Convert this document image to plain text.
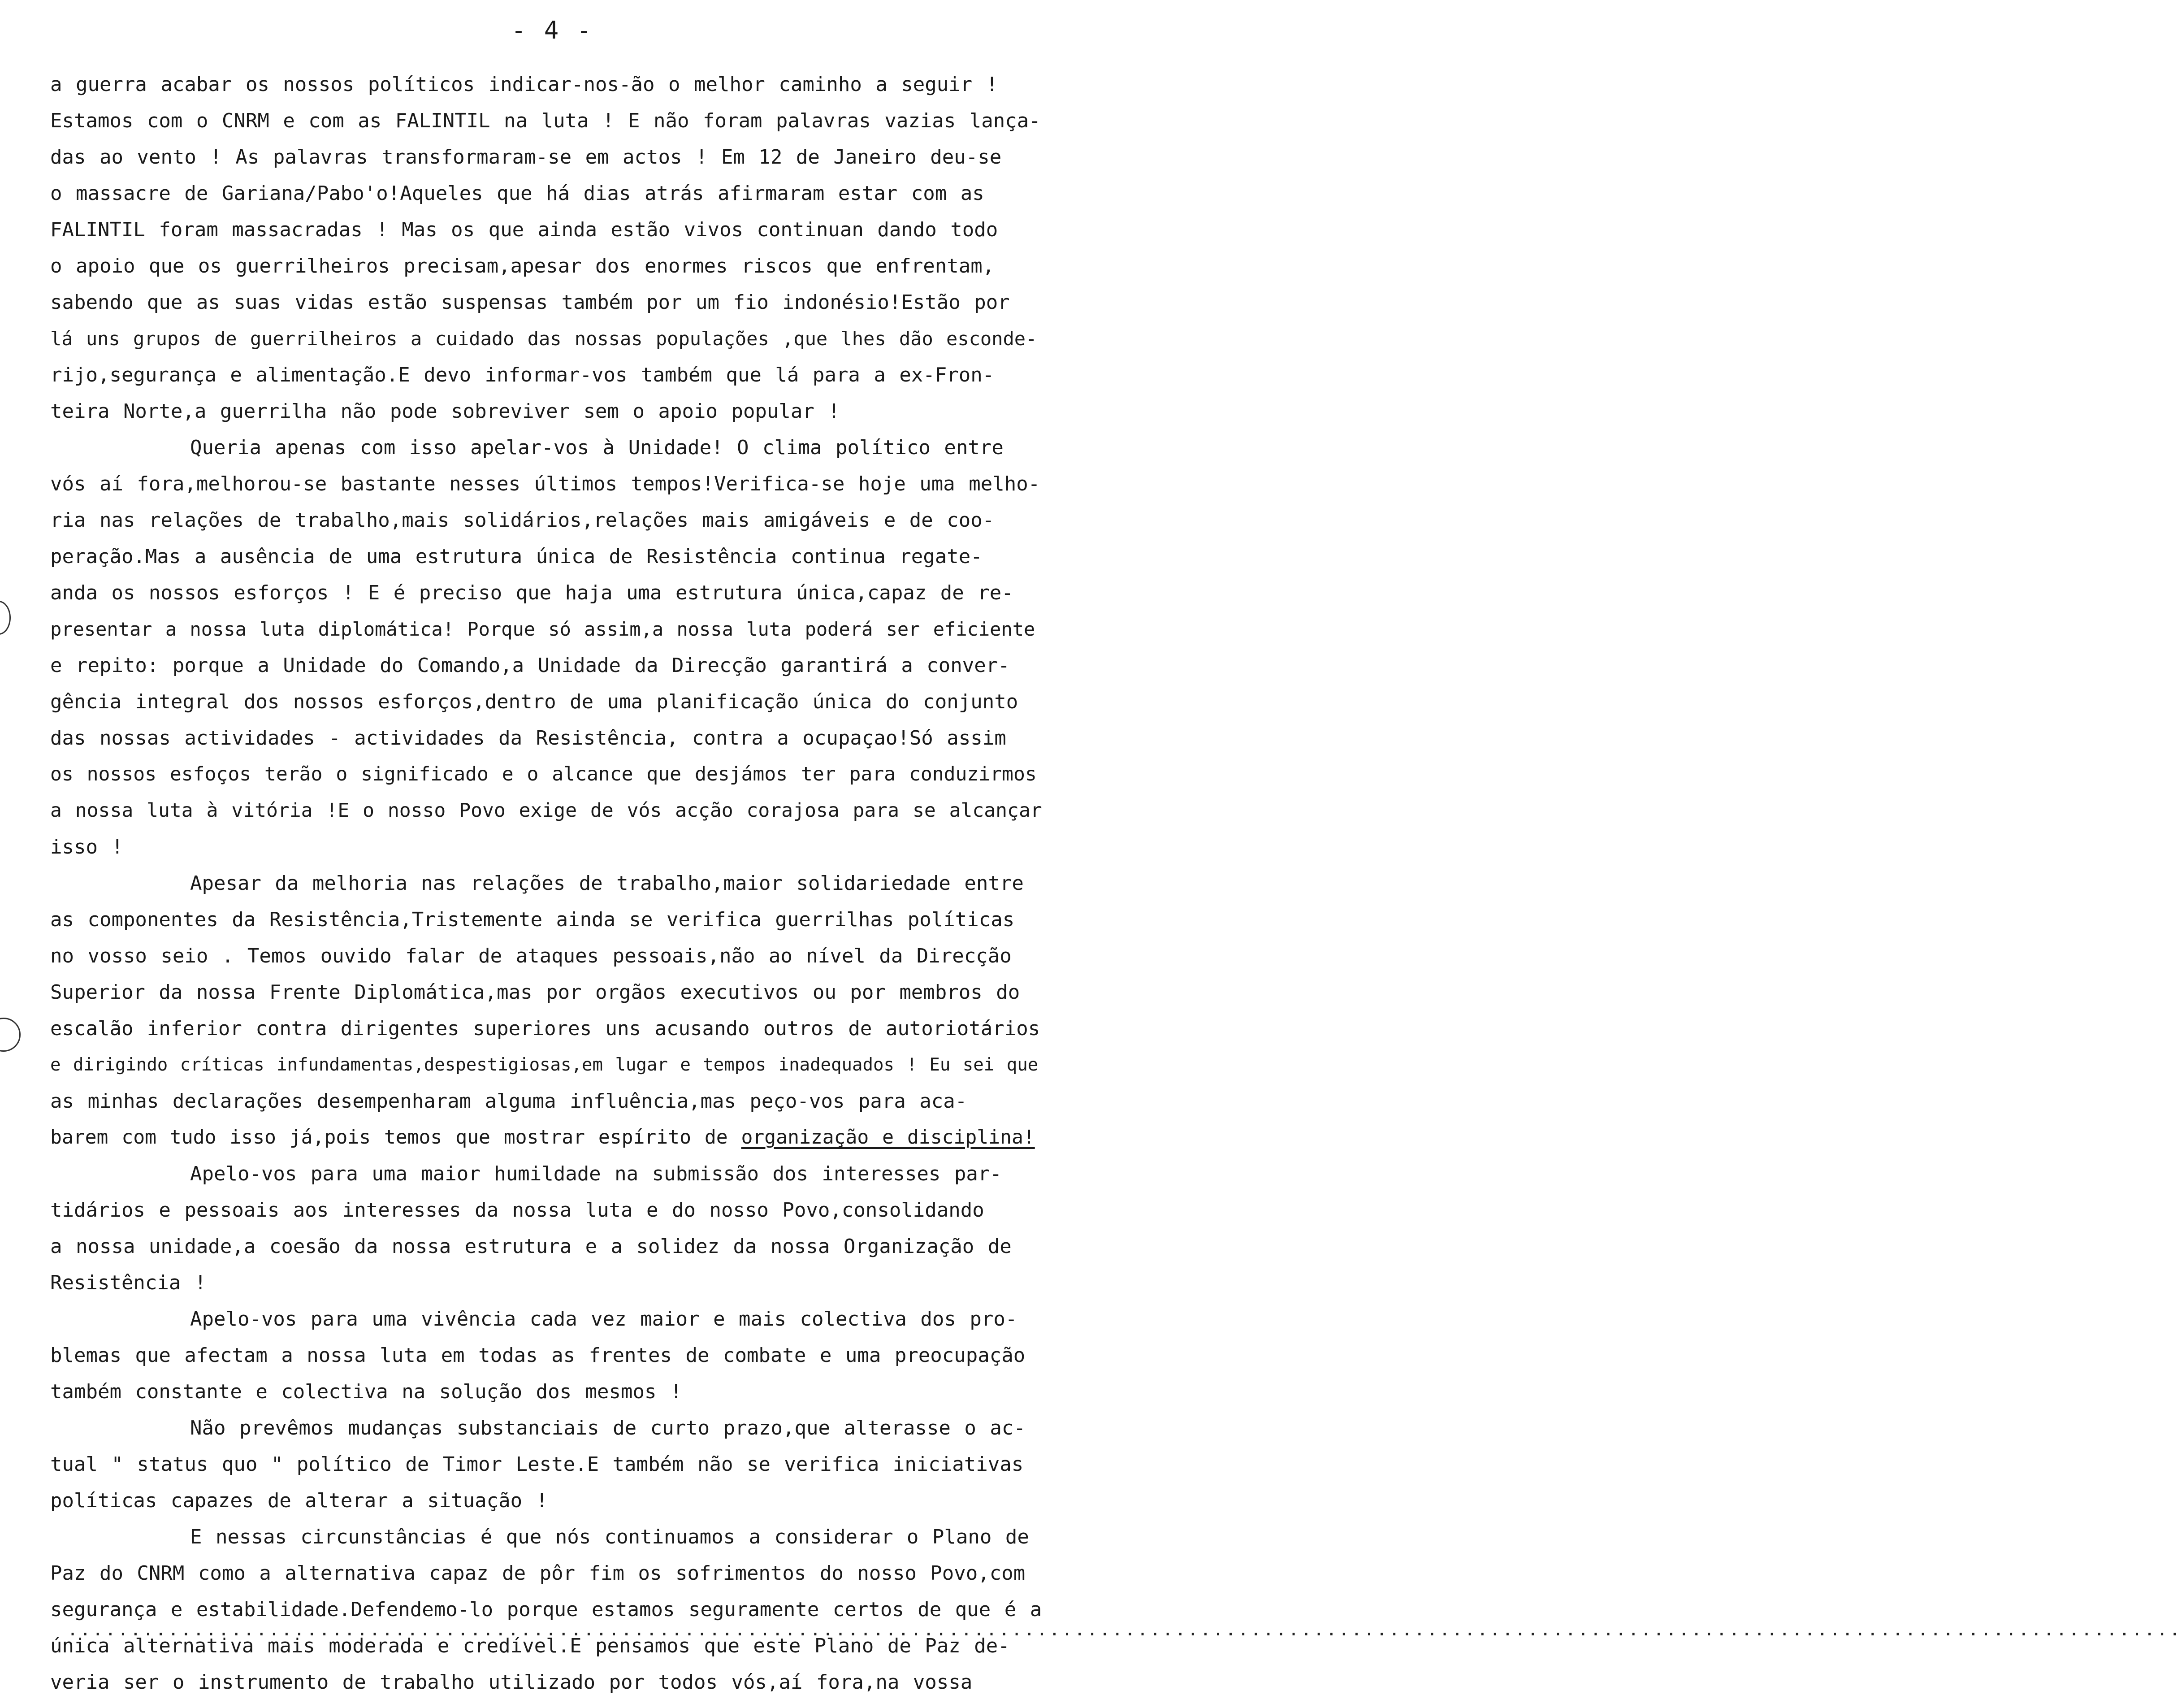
- 4 -
a guerra acabar os nossos políticos indicar-nos-ão o melhor caminho a seguir !
Estamos com o CNRM e com as FALINTIL na luta ! E não foram palavras vazias lança-
das ao vento ! As palavras transformaram-se em actos ! Em 12 de Janeiro deu-se
o massacre de Gariana/Pabo'o!Aqueles que há dias atrás afirmaram estar com as
FALINTIL foram massacradas ! Mas os que ainda estão vivos continuan dando todo
o apoio que os guerrilheiros precisam,apesar dos enormes riscos que enfrentam,
sabendo que as suas vidas estão suspensas também por um fio indonésio!Estão por
lá uns grupos de guerrilheiros a cuidado das nossas populações ,que lhes dão esconde-
rijo,segurança e alimentação.E devo informar-vos também que lá para a ex-Fron-
teira Norte,a guerrilha não pode sobreviver sem o apoio popular !
Queria apenas com isso apelar-vos à Unidade! O clima político entre
vós aí fora,melhorou-se bastante nesses últimos tempos!Verifica-se hoje uma melho-
ria nas relações de trabalho,mais solidários,relações mais amigáveis e de coo-
peração.Mas a ausência de uma estrutura única de Resistência continua regate-
anda os nossos esforços ! E é preciso que haja uma estrutura única,capaz de re-
presentar a nossa luta diplomática! Porque só assim,a nossa luta poderá ser eficiente
e repito: porque a Unidade do Comando,a Unidade da Direcção garantirá a conver-
gência integral dos nossos esforços,dentro de uma planificação única do conjunto
das nossas actividades - actividades da Resistência, contra a ocupaçao!Só assim
os nossos esfoços terão o significado e o alcance que desjámos ter para conduzirmos
a nossa luta à vitória !E o nosso Povo exige de vós acção corajosa para se alcançar
isso !
Apesar da melhoria nas relações de trabalho,maior solidariedade entre
as componentes da Resistência,Tristemente ainda se verifica guerrilhas políticas
no vosso seio . Temos ouvido falar de ataques pessoais,não ao nível da Direcção
Superior da nossa Frente Diplomática,mas por orgãos executivos ou por membros do
escalão inferior contra dirigentes superiores uns acusando outros de autoriotários
e dirigindo críticas infundamentas,despestigiosas,em lugar e tempos inadequados ! Eu sei que
as minhas declarações desempenharam alguma influência,mas peço-vos para aca-
barem com tudo isso já,pois temos que mostrar espírito de organização e disciplina!
Apelo-vos para uma maior humildade na submissão dos interesses par-
tidários e pessoais aos interesses da nossa luta e do nosso Povo,consolidando
a nossa unidade,a coesão da nossa estrutura e a solidez da nossa Organização de
Resistência !
Apelo-vos para uma vivência cada vez maior e mais colectiva dos pro-
blemas que afectam a nossa luta em todas as frentes de combate e uma preocupação
também constante e colectiva na solução dos mesmos !
Não prevêmos mudanças substanciais de curto prazo,que alterasse o ac-
tual " status quo " político de Timor Leste.E também não se verifica iniciativas
políticas capazes de alterar a situação !
E nessas circunstâncias é que nós continuamos a considerar o Plano de
Paz do CNRM como a alternativa capaz de pôr fim os sofrimentos do nosso Povo,com
segurança e estabilidade.Defendemo-lo porque estamos seguramente certos de que é a
única alternativa mais moderada e credível.E pensamos que este Plano de Paz de-
veria ser o instrumento de trabalho utilizado por todos vós,aí fora,na vossa
........................................................................................................................................................................
